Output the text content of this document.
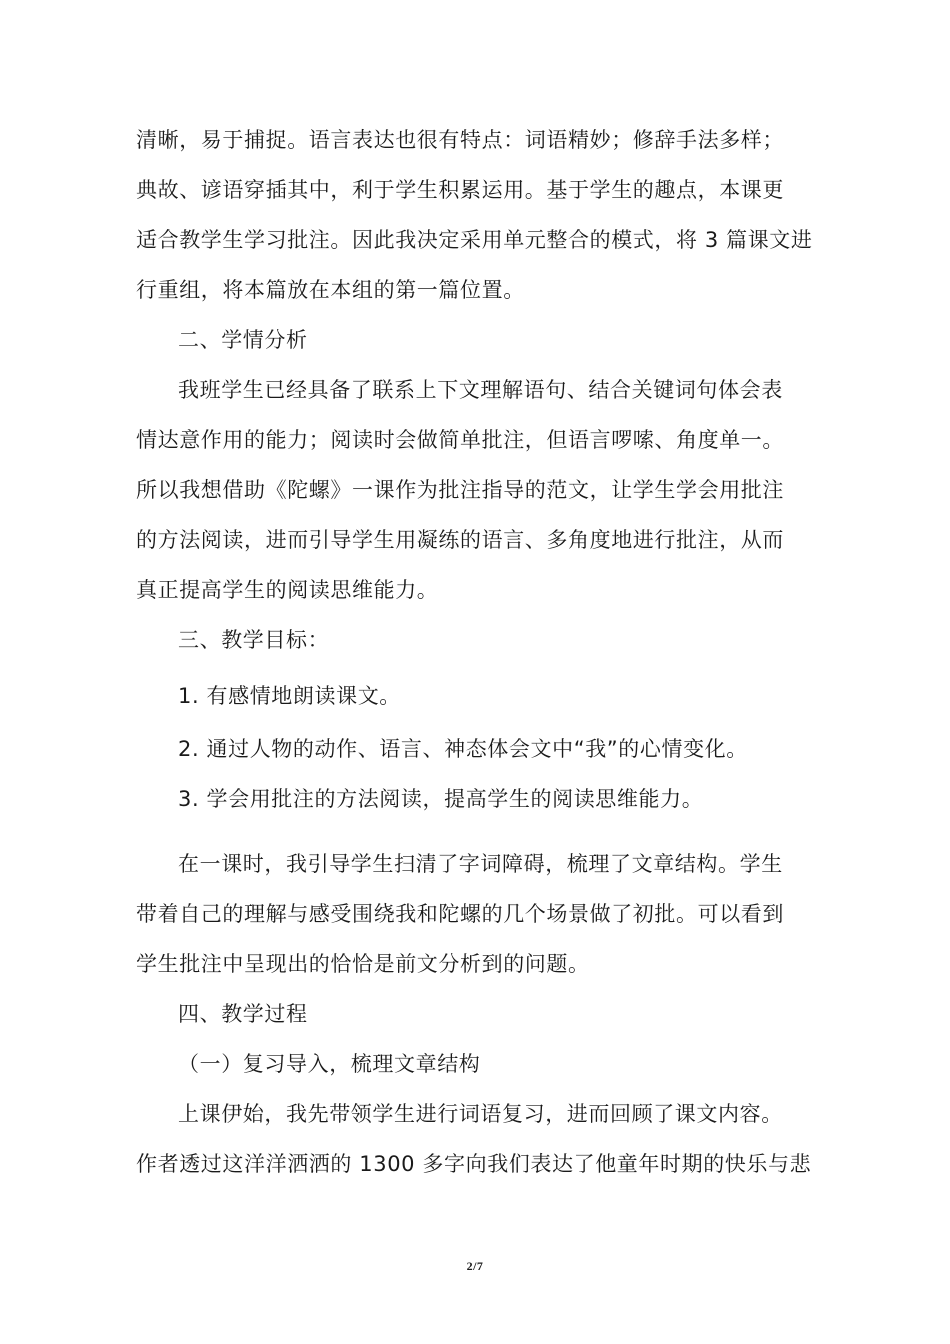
清晰，易于捕捉。语言表达也很有特点：词语精妙；修辞手法多样；
典故、谚语穿插其中，利于学生积累运用。基于学生的趣点，本课更
适合教学生学习批注。因此我决定采用单元整合的模式，将 3 篇课文进
行重组，将本篇放在本组的第一篇位置。
二、学情分析
我班学生已经具备了联系上下文理解语句、结合关键词句体会表
情达意作用的能力；阅读时会做简单批注，但语言啰嗦、角度单一。
所以我想借助《陀螺》一课作为批注指导的范文，让学生学会用批注
的方法阅读，进而引导学生用凝练的语言、多角度地进行批注，从而
真正提高学生的阅读思维能力。
三、教学目标：
1. 有感情地朗读课文。
2. 通过人物的动作、语言、神态体会文中“我”的心情变化。
3. 学会用批注的方法阅读，提高学生的阅读思维能力。
在一课时，我引导学生扫清了字词障碍，梳理了文章结构。学生
带着自己的理解与感受围绕我和陀螺的几个场景做了初批。可以看到
学生批注中呈现出的恰恰是前文分析到的问题。
四、教学过程
（一）复习导入，梳理文章结构
上课伊始，我先带领学生进行词语复习，进而回顾了课文内容。
作者透过这洋洋洒洒的 1300 多字向我们表达了他童年时期的快乐与悲
2/7
